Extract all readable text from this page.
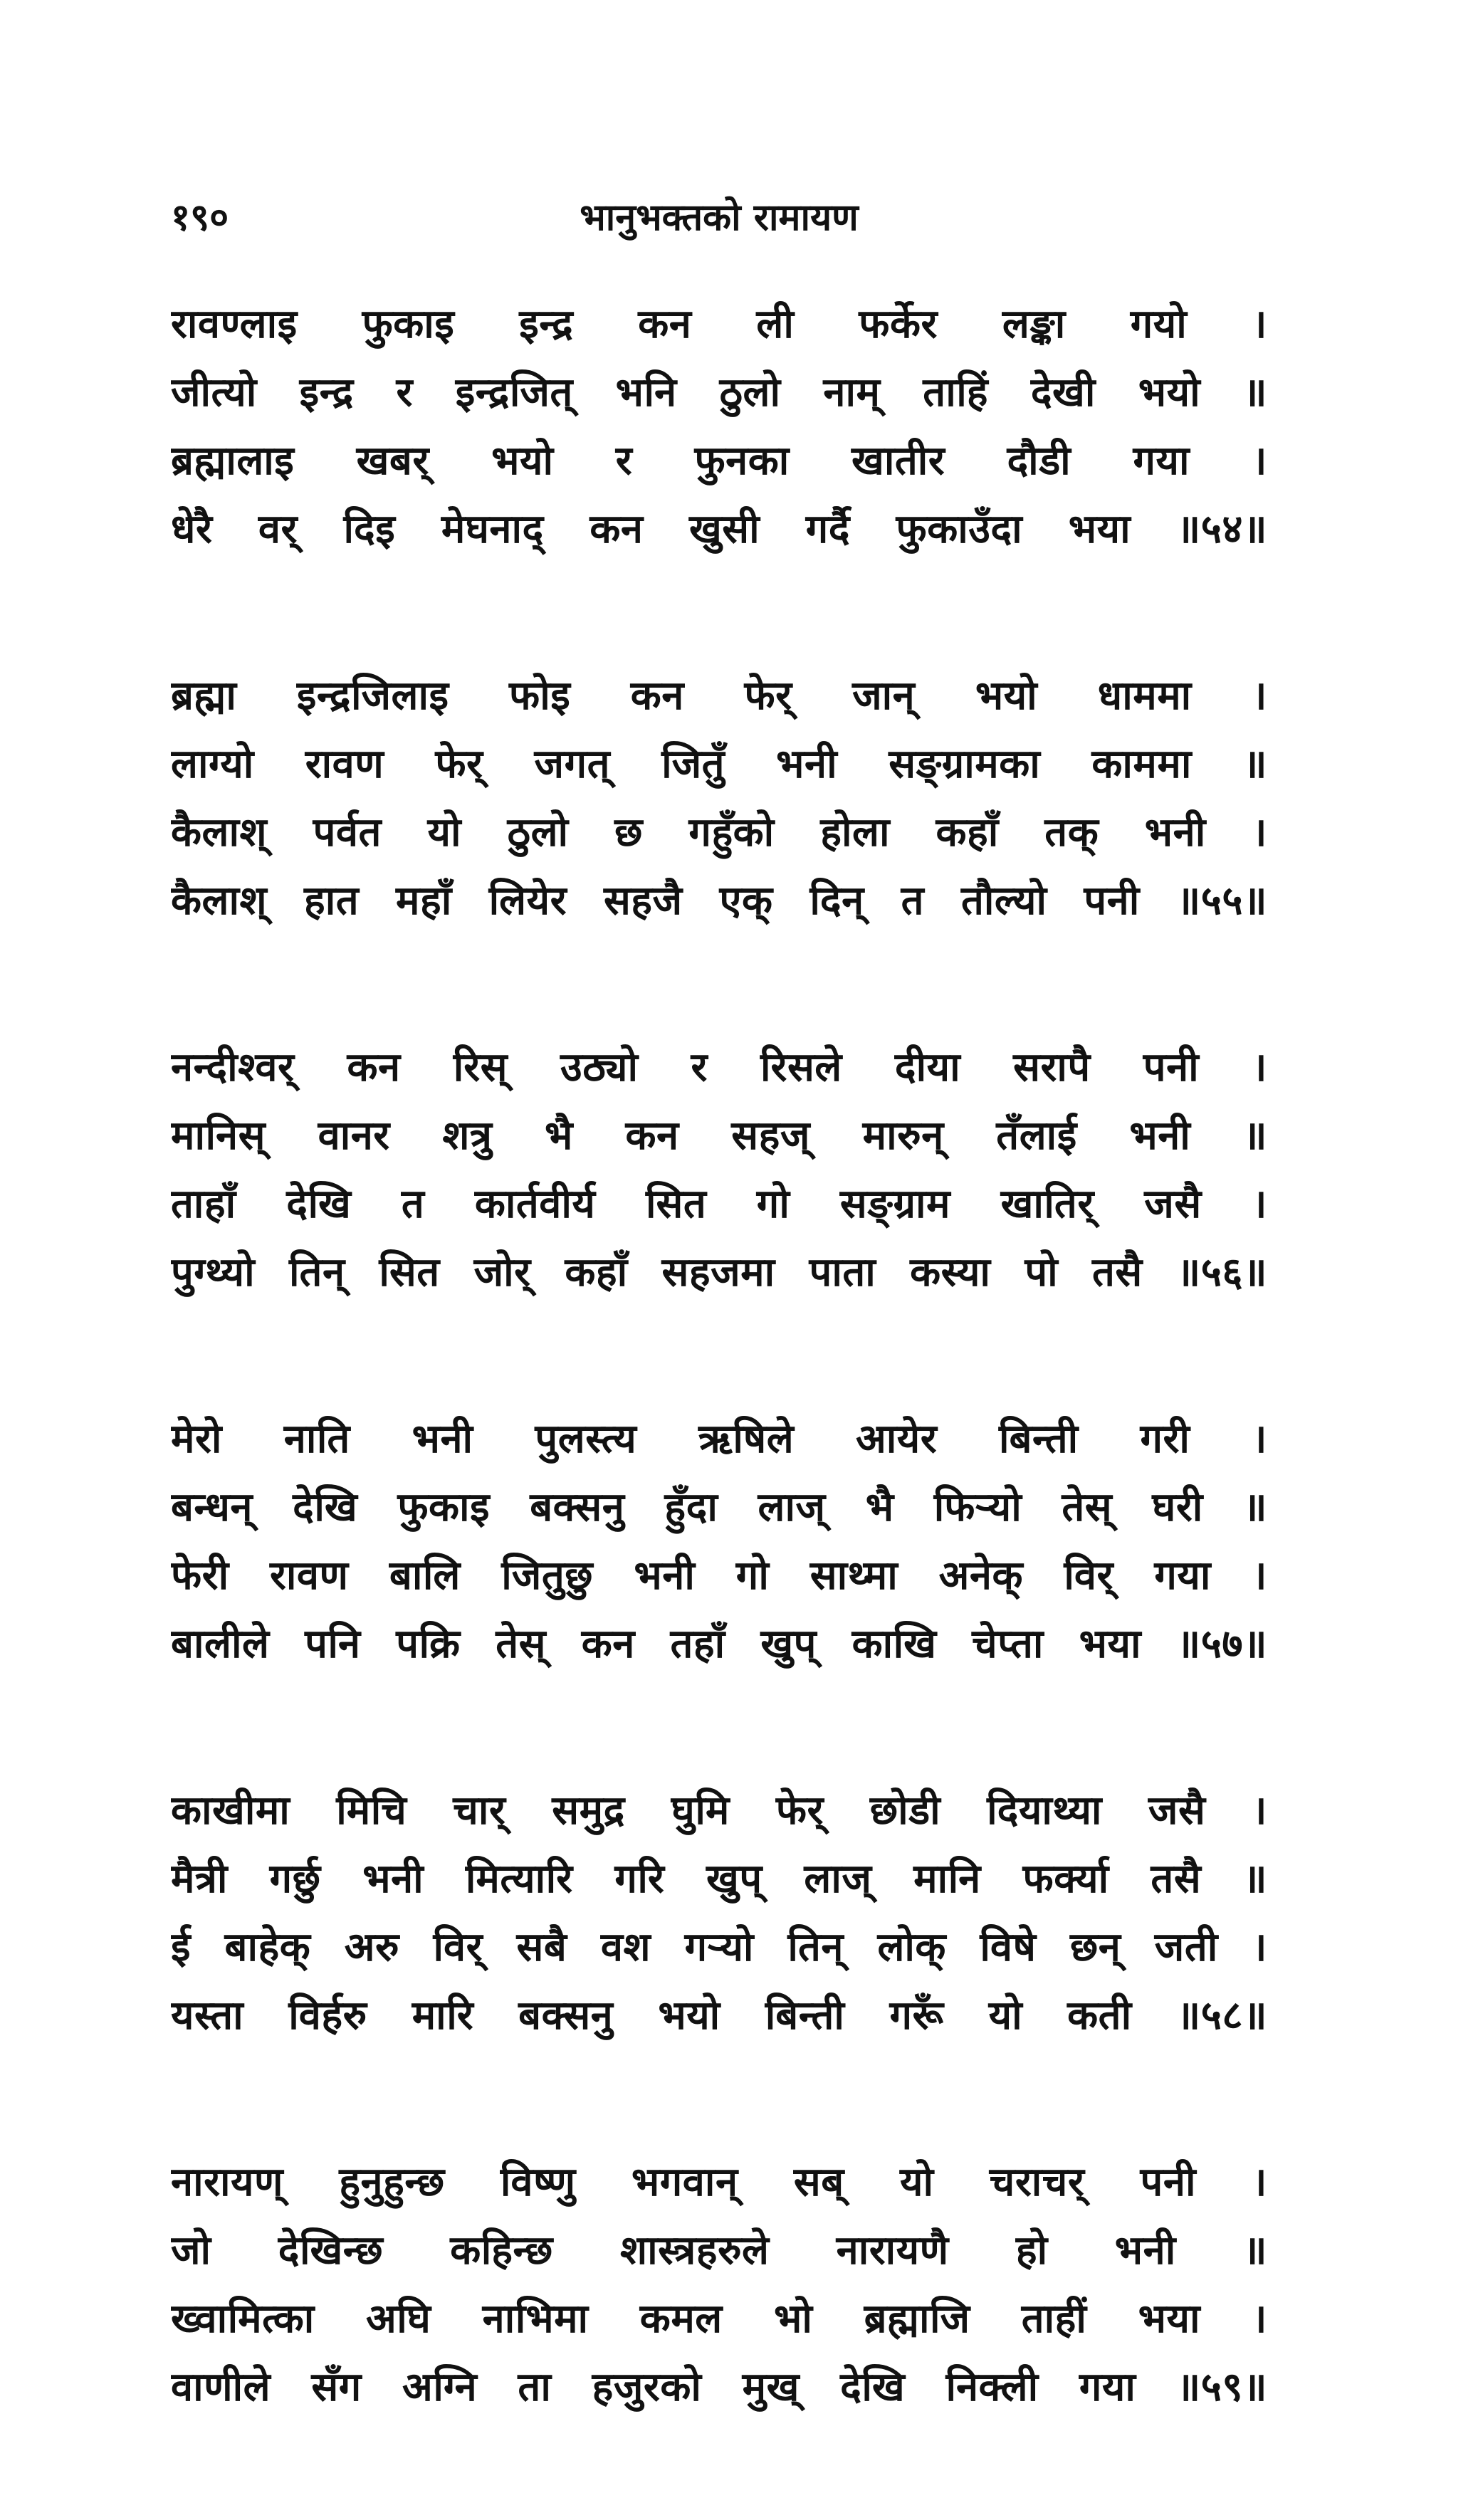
१९०	भानुभक्तको रामायण
रावण्लाइ फुकाइ इन्द्र कन ली फर्केर लङ्का गयो ।
जीत्यो इन्द्र र इन्द्रजित् भनि ठुलो नाम् ताहिं देखी भयो ॥
ब्रह्मालाइ खबर् भयो र फुनका खातीर दौडी गया ।
धेरै वर् दिइ मेघनाद् कन खुसी गर्दै फुकाउँदा भया ॥५४॥
ब्रह्मा इन्द्रजिलाइ फोइ कन फेर् जान् भयो धाममा ।
लाग्यो रावण फेर् जगत् जितुँ भनी सङ्ग्रामका काममा ॥
कैलाश् पर्वत यो ठुलो छ गहुँको होला कहाँ तक् भनी ।
कैलाश् हात महाँ लियेर सहजै एक् दिन् त तौल्यो पनी ॥५५॥
नन्दीश्वर् कन रिस् उठ्यो र रिसले दीया सरापै पनी ।
मानिस् वानर शत्रु भै कन सहज् मारुन् तँलाई भनी ॥
ताहाँ देखि त कार्तवीर्य सित गो सङ्ग्राम खातिर् जसै ।
पुग्थ्यो तिन् सित जोर् कहाँ सहजमा पाता कस्या पो तसै ॥५६॥
मेरो नाति भनी पुलस्त्य ऋषिले आयेर बिन्ती गरी ।
बन्धन् देखि फुकाइ बक्सनु हुँदा लाज् भै फिऱ्यो तेस् घरी ॥
फेरी रावण बालि जितुछु भनी गो साथ्मा अनेक् विर् गया ।
बालीले पनि पक्रि तेस् कन तहाँ खुप् काखि चेप्ता भया ॥५७॥
काखीमा मिचि चार् समुद्र घुमि फेर् छोडी दियाथ्या जसै ।
मैत्री गर्छु भनी मित्यारि गरि खुप् लाज् मानि फर्क्या तसै ॥
ई बाहेक् अरु विर् सबै वश गऱ्यो तिन् लोक् विषे छन् जती ।
यस्ता विर्हरु मारि बक्सनु भयो बिन्ती गरूँ यो कती ॥५८॥
नारायण् हुनुहुन्छ विष्णु भगवान् सब् यो चराचर् पनी ।
जो देखिन्छ कहिन्छ शास्त्रहरुले नारायणै हो भनी ॥
ख्वामित्का अघि नाभिमा कमल भो ब्रह्माजि ताहीं भया ।
वाणीले सँग अग्नि ता हजुरको मुख् देखि निक्ली गया ॥५९॥
